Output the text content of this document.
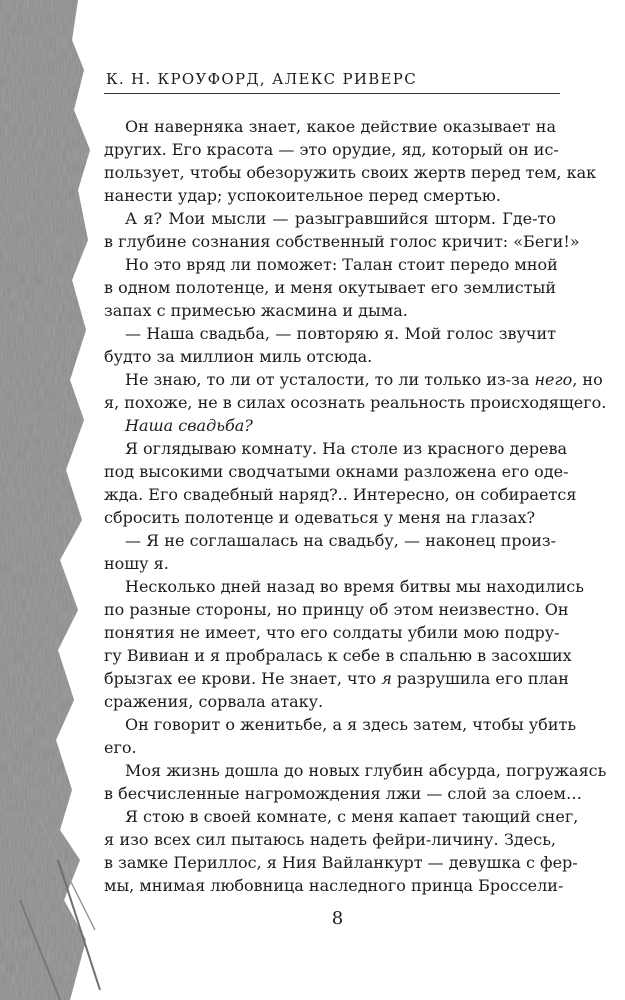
К. Н. КРОУФОРД, АЛЕКС РИВЕРС
Он наверняка знает, какое действие оказывает на
других. Его красота — это орудие, яд, который он ис-
пользует, чтобы обезоружить своих жертв перед тем, как
нанести удар; успокоительное перед смертью.
А я? Мои мысли — разыгравшийся шторм. Где-то
в глубине сознания собственный голос кричит: «Беги!»
Но это вряд ли поможет: Талан стоит передо мной
в одном полотенце, и меня окутывает его землистый
запах с примесью жасмина и дыма.
— Наша свадьба, — повторяю я. Мой голос звучит
будто за миллион миль отсюда.
Не знаю, то ли от усталости, то ли только из-за него, но
я, похоже, не в силах осознать реальность происходящего.
Наша свадьба?
Я оглядываю комнату. На столе из красного дерева
под высокими сводчатыми окнами разложена его оде-
жда. Его свадебный наряд?.. Интересно, он собирается
сбросить полотенце и одеваться у меня на глазах?
— Я не соглашалась на свадьбу, — наконец произ-
ношу я.
Несколько дней назад во время битвы мы находились
по разные стороны, но принцу об этом неизвестно. Он
понятия не имеет, что его солдаты убили мою подру-
гу Вивиан и я пробралась к себе в спальню в засохших
брызгах ее крови. Не знает, что я разрушила его план
сражения, сорвала атаку.
Он говорит о женитьбе, а я здесь затем, чтобы убить
его.
Моя жизнь дошла до новых глубин абсурда, погружаясь
в бесчисленные нагромождения лжи — слой за слоем…
Я стою в своей комнате, с меня капает тающий снег,
я изо всех сил пытаюсь надеть фейри-личину. Здесь,
в замке Периллос, я Ния Вайланкурт — девушка с фер-
мы, мнимая любовница наследного принца Броссели-
8
